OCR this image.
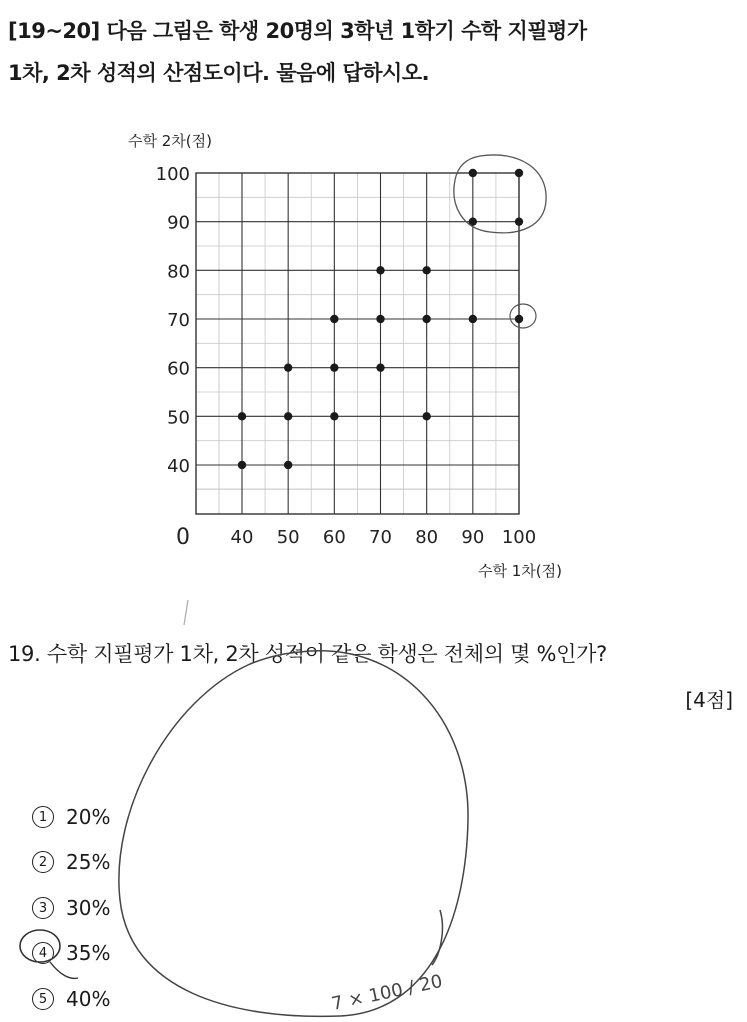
[19~20] 다음 그림은 학생 20명의 3학년 1학기 수학 지필평가
1차, 2차 성적의 산점도이다. 물음에 답하시오.
40 50 60 70 80 90 100
40
50
60
70
80
90
100
수학 2차(점)
수학 1차(점)
0
19. 수학 지필평가 1차, 2차 성적이 같은 학생은 전체의 몇 %인가?
[4점]
1 20%
2 25%
3 30%
4 35%
5 40%	7 × 100 / 20
